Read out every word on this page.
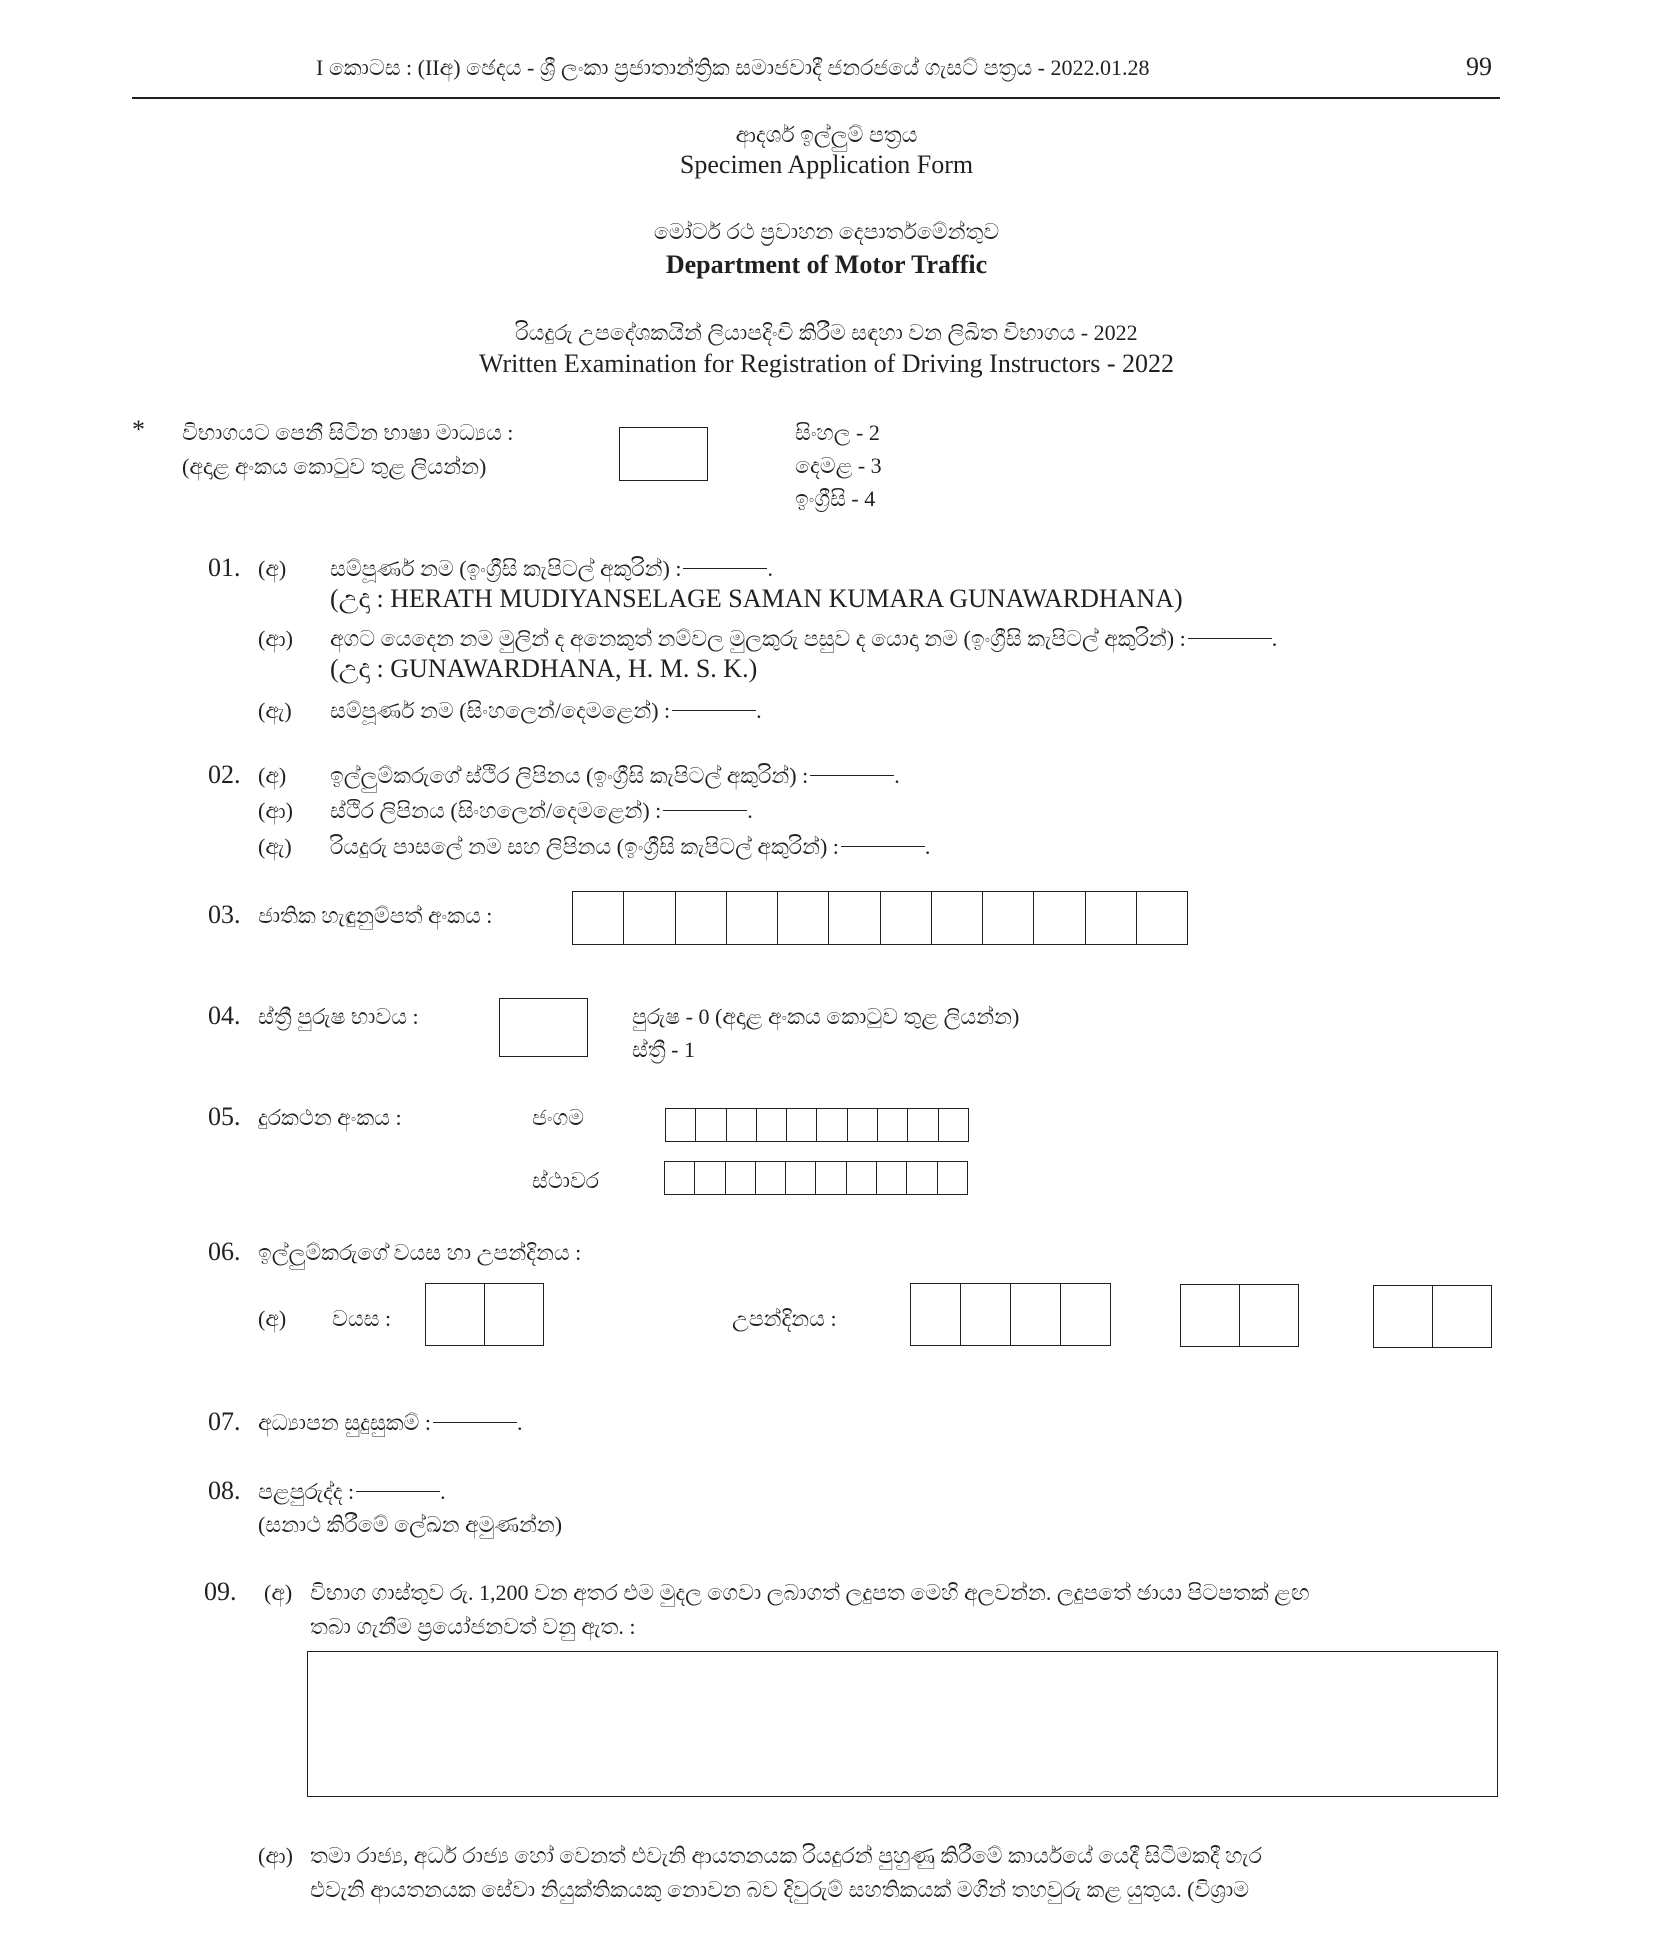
I කොටස : (IIඅ) ඡෙදය - ශ්‍රී ලංකා ප්‍රජාතාන්ත්‍රික සමාජවාදී ජනරජයේ ගැසට් පත්‍රය - 2022.01.28	99
ආදර්ශ ඉල්ලුම් පත්‍රය
Specimen Application Form
මෝටර් රථ ප්‍රවාහන දෙපාර්තමේන්තුව
Department of Motor Traffic
රියදුරු උපදේශකයින් ලියාපදිංචි කිරීම සඳහා වන ලිඛිත විභාගය - 2022
Written Examination for Registration of Driving Instructors - 2022
* විභාගයට පෙනී සිටින භාෂා මාධ්‍යය :
(අදාළ අංකය කොටුව තුළ ලියන්න)
සිංහල - 2
දෙමළ - 3
ඉංග්‍රීසි - 4
01. (අ) සම්පූර්ණ නම (ඉංග්‍රීසි කැපිටල් අකුරින්) :	.
(උදා : HERATH MUDIYANSELAGE SAMAN KUMARA GUNAWARDHANA)
(ආ) අගට යෙදෙන නම මුලින් ද අනෙකුත් නම්වල මුලකුරු පසුව ද යොදා නම (ඉංග්‍රීසි කැපිටල් අකුරින්) :	.
(උදා : GUNAWARDHANA, H. M. S. K.)
(ඇ) සම්පූර්ණ නම (සිංහලෙන්/දෙමළෙන්) :	.
02. (අ) ඉල්ලුම්කරුගේ ස්ථිර ලිපිනය (ඉංග්‍රීසි කැපිටල් අකුරින්) :	.
(ආ) ස්ථිර ලිපිනය (සිංහලෙන්/දෙමළෙන්) :	.
(ඇ) රියදුරු පාසලේ නම සහ ලිපිනය (ඉංග්‍රීසි කැපිටල් අකුරින්) :	.
03. ජාතික හැඳුනුම්පත් අංකය :
04. ස්ත්‍රී පුරුෂ භාවය :	පුරුෂ - 0 (අදාළ අංකය කොටුව තුළ ලියන්න)
ස්ත්‍රී - 1
05. දුරකථන අංකය :	ජංගම
ස්ථාවර
06. ඉල්ලුම්කරුගේ වයස හා උපන්දිනය :
(අ) වයස :	උපන්දිනය :
07. අධ්‍යාපන සුදුසුකම් :	.
08. පළපුරුද්ද :	.
(සනාථ කිරීමේ ලේඛන අමුණන්න)
09. (අ) විභාග ගාස්තුව රු. 1,200 වන අතර එම මුදල ගෙවා ලබාගත් ලදුපත මෙහි අලවන්න. ලදුපතේ ඡායා පිටපතක් ළඟ
තබා ගැනීම ප්‍රයෝජනවත් වනු ඇත. :
(ආ) තමා රාජ්‍ය, අර්ධ රාජ්‍ය හෝ වෙනත් එවැනි ආයතනයක රියදුරන් පුහුණු කිරීමේ කාර්යයේ යෙදී සිටීමකදී හැර
එවැනි ආයතනයක සේවා නියුක්තිකයකු නොවන බව දිවුරුම් සහතිකයක් මගින් තහවුරු කළ යුතුය. (විශ්‍රාම
